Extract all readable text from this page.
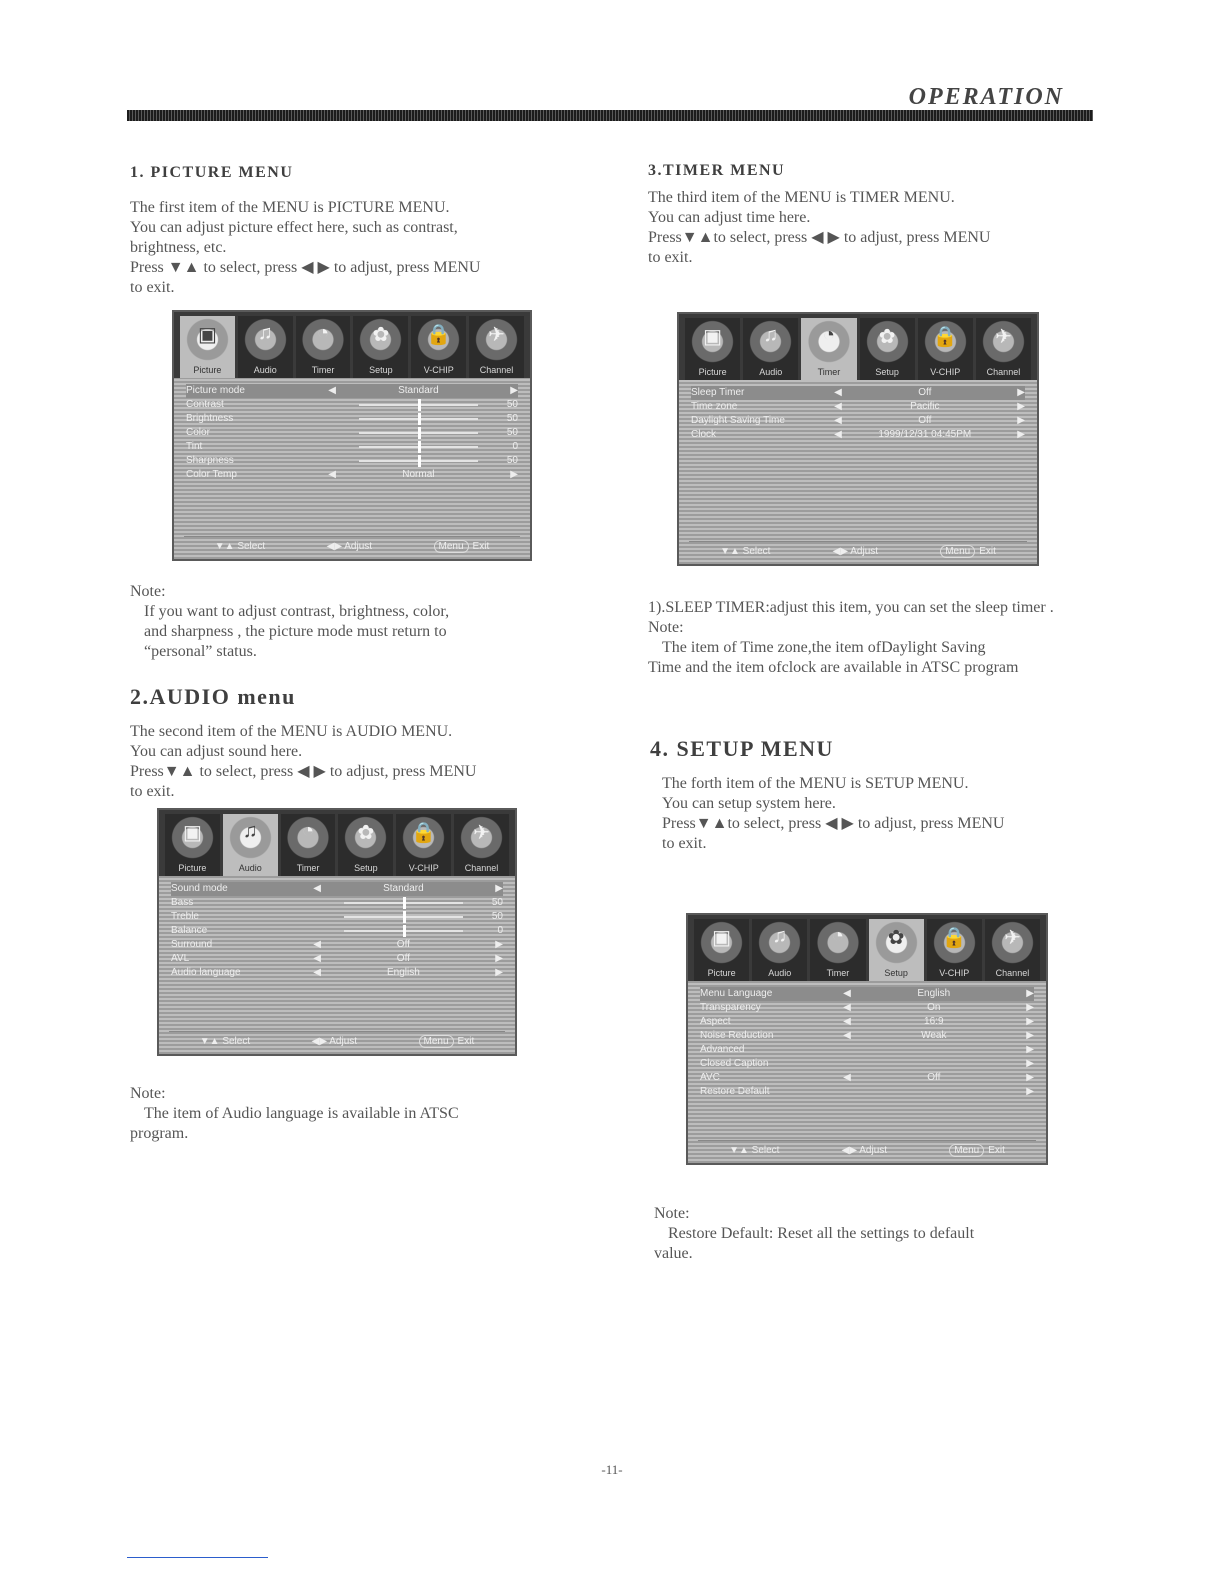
OPERATION
1. PICTURE MENU

The first item of the MENU is PICTURE MENU.
You can adjust picture effect here, such as contrast,
brightness, etc.
Press ▼▲ to select, press ◀ ▶ to adjust, press MENU
to exit.

▣
Picture
♫
Audio
◔
Timer
✿
Setup
🔒
V-CHIP
✈
Channel
Picture mode	◀	Standard	▶
Contrast	50
Brightness	50
Color	50
Tint	0
Sharpness	50
Color Temp	◀	Normal	▶
▼▲ Select	◀▶ Adjust	Menu Exit
Note:
If you want to adjust contrast, brightness, color,
and sharpness , the picture mode must return to
“personal” status.
2.AUDIO menu

The second item of the MENU is AUDIO MENU.
You can adjust sound here.
Press▼▲ to select, press ◀ ▶ to adjust, press MENU
to exit.

▣
Picture
♫
Audio
◔
Timer
✿
Setup
🔒
V-CHIP
✈
Channel
Sound mode	◀	Standard	▶
Bass	50
Treble	50
Balance	0
Surround	◀	Off	▶
AVL	◀	Off	▶
Audio language	◀	English	▶
▼▲ Select	◀▶ Adjust	Menu Exit
Note:
The item of Audio language is available in ATSC
program.
3.TIMER MENU

The third item of the MENU is TIMER MENU.
You can adjust time here.
Press▼▲to select, press ◀ ▶ to adjust, press MENU
to exit.

▣
Picture
♫
Audio
◔
Timer
✿
Setup
🔒
V-CHIP
✈
Channel
Sleep Timer	◀	Off	▶
Time zone	◀	Pacific	▶
Daylight Saving Time	◀	Off	▶
Clock	◀	1999/12/31 04:45PM	▶
▼▲ Select	◀▶ Adjust	Menu Exit
1).SLEEP TIMER:adjust this item, you can set the sleep timer . Note:
The item of Time zone,the item ofDaylight Saving
Time and the item ofclock are available in ATSC program
4. SETUP MENU

The forth item of the MENU is SETUP MENU.
You can setup system here.
Press▼▲to select, press ◀ ▶ to adjust, press MENU
to exit.

▣
Picture
♫
Audio
◔
Timer
✿
Setup
🔒
V-CHIP
✈
Channel
Menu Language	◀	English	▶
Transparency	◀	On	▶
Aspect	◀	16:9	▶
Noise Reduction	◀	Weak	▶
Advanced	▶
Closed Caption	▶
AVC	◀	Off	▶
Restore Default	▶
▼▲ Select	◀▶ Adjust	Menu Exit
Note:
Restore Default: Reset all the settings to default
value.
-11-
